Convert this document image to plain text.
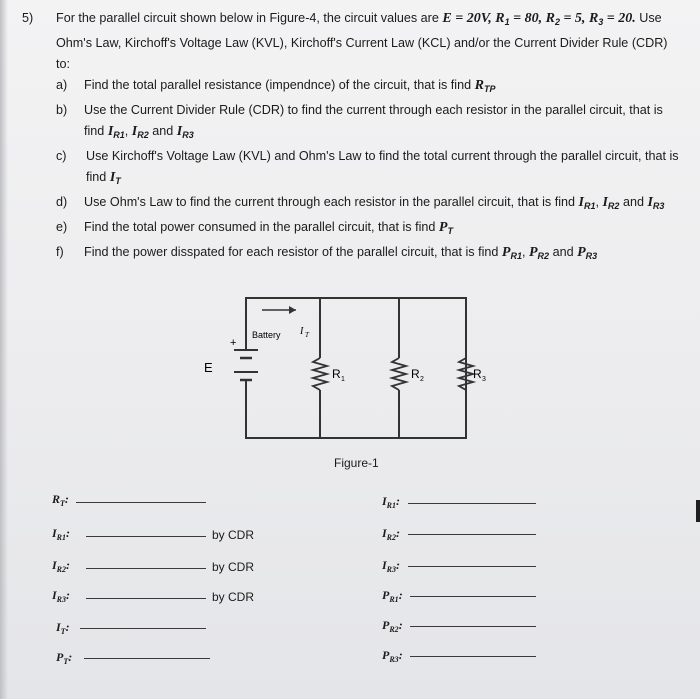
5) For the parallel circuit shown below in Figure-4, the circuit values are E = 20V, $R_1 = 80$, $R_2 = 5$, $R_3 = 20$. Use Ohm's Law, Kirchoff's Voltage Law (KVL), Kirchoff's Current Law (KCL) and/or the Current Divider Rule (CDR) to:
a) Find the total parallel resistance (impendnce) of the circuit, that is find $R_{TP}$
b) Use the Current Divider Rule (CDR) to find the current through each resistor in the parallel circuit, that is find $I_{R1}$, $I_{R2}$ and $I_{R3}$
c) Use Kirchoff's Voltage Law (KVL) and Ohm's Law to find the total current through the parallel circuit, that is find $I_T$
d) Use Ohm's Law to find the current through each resistor in the parallel circuit, that is find $I_{R1}$, $I_{R2}$ and $I_{R3}$
e) Find the total power consumed in the parallel circuit, that is find $P_T$
f) Find the power disspated for each resistor of the parallel circuit, that is find $P_{R1}$, $P_{R2}$ and $P_{R3}$
+
E
Battery I T
R 1	R 2	R 3
Figure-1
$R_T$:
$I_{R1}$:	by CDR
$I_{R2}$:	by CDR
$I_{R3}$:	by CDR
$I_T$:
$P_T$:
$I_{R1}$:
$I_{R2}$:
$I_{R3}$:
$P_{R1}$:
$P_{R2}$:
$P_{R3}$:
